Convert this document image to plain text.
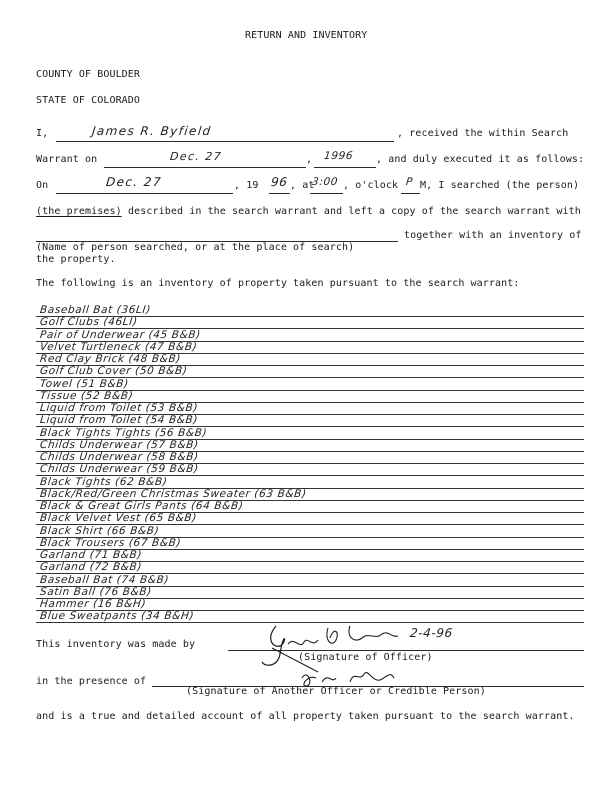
RETURN AND INVENTORY
COUNTY OF BOULDER
STATE OF COLORADO
I,	James R. Byfield	, received the within Search
Warrant on	Dec. 27	, 1996 , and duly executed it as follows:
On	Dec. 27	, 19 96 , at
3:00 , o'clock P M, I searched (the person)
(the premises) described in the search warrant and left a copy of the search warrant with
together with an inventory of
(Name of person searched, or at the place of search)
the property.
The following is an inventory of property taken pursuant to the search warrant:
Baseball Bat (36LI)
Golf Clubs (46LI)
Pair of Underwear (45 B&B)
Velvet Turtleneck (47 B&B)
Red Clay Brick (48 B&B)
Golf Club Cover (50 B&B)
Towel (51 B&B)
Tissue (52 B&B)
Liquid from Toilet (53 B&B)
Liquid from Toilet (54 B&B)
Black Tights Tights (56 B&B)
Childs Underwear (57 B&B)
Childs Underwear (58 B&B)
Childs Underwear (59 B&B)
Black Tights (62 B&B)
Black/Red/Green Christmas Sweater (63 B&B)
Black & Great Girls Pants (64 B&B)
Black Velvet Vest (65 B&B)
Black Shirt (66 B&B)
Black Trousers (67 B&B)
Garland (71 B&B)
Garland (72 B&B)
Baseball Bat (74 B&B)
Satin Ball (76 B&B)
Hammer (16 B&H)
Blue Sweatpants (34 B&H)
This inventory was made by
2-4-96
(Signature of Officer)
in the presence of
(Signature of Another Officer or Credible Person)
and is a true and detailed account of all property taken pursuant to the search warrant.
